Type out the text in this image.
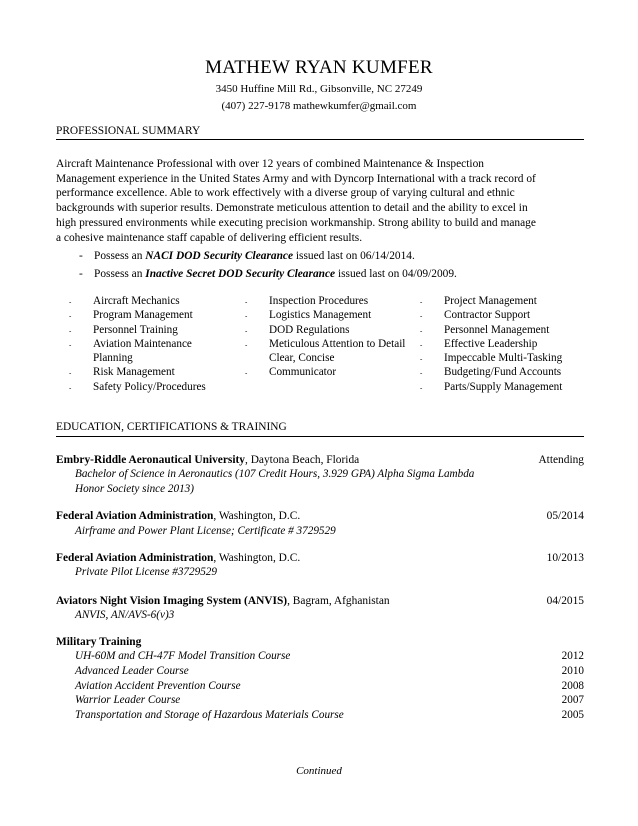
MATHEW RYAN KUMFER
3450 Huffine Mill Rd., Gibsonville, NC 27249
(407) 227-9178 mathewkumfer@gmail.com
PROFESSIONAL SUMMARY
Aircraft Maintenance Professional with over 12 years of combined Maintenance & Inspection
Management experience in the United States Army and with Dyncorp International with a track record of
performance excellence. Able to work effectively with a diverse group of varying cultural and ethnic
backgrounds with superior results. Demonstrate meticulous attention to detail and the ability to excel in
high pressured environments while executing precision workmanship. Strong ability to build and manage
a cohesive maintenance staff capable of delivering efficient results.
- Possess an NACI DOD Security Clearance issued last on 06/14/2014.
- Possess an Inactive Secret DOD Security Clearance issued last on 04/09/2009.
- Aircraft Mechanics
- Program Management
- Personnel Training
- Aviation Maintenance
Planning
- Risk Management
- Safety Policy/Procedures
- Inspection Procedures
- Logistics Management
- DOD Regulations
- Meticulous Attention to Detail
Clear, Concise
- Communicator
- Project Management
- Contractor Support
- Personnel Management
- Effective Leadership
- Impeccable Multi-Tasking
- Budgeting/Fund Accounts
- Parts/Supply Management
EDUCATION, CERTIFICATIONS & TRAINING
Embry-Riddle Aeronautical University, Daytona Beach, Florida	Attending
Bachelor of Science in Aeronautics (107 Credit Hours, 3.929 GPA) Alpha Sigma Lambda
Honor Society since 2013)
Federal Aviation Administration, Washington, D.C.	05/2014
Airframe and Power Plant License; Certificate # 3729529
Federal Aviation Administration, Washington, D.C.	10/2013
Private Pilot License #3729529
Aviators Night Vision Imaging System (ANVIS), Bagram, Afghanistan	04/2015
ANVIS, AN/AVS-6(v)3
Military Training
UH-60M and CH-47F Model Transition Course	2012
Advanced Leader Course	2010
Aviation Accident Prevention Course	2008
Warrior Leader Course	2007
Transportation and Storage of Hazardous Materials Course	2005
Continued
